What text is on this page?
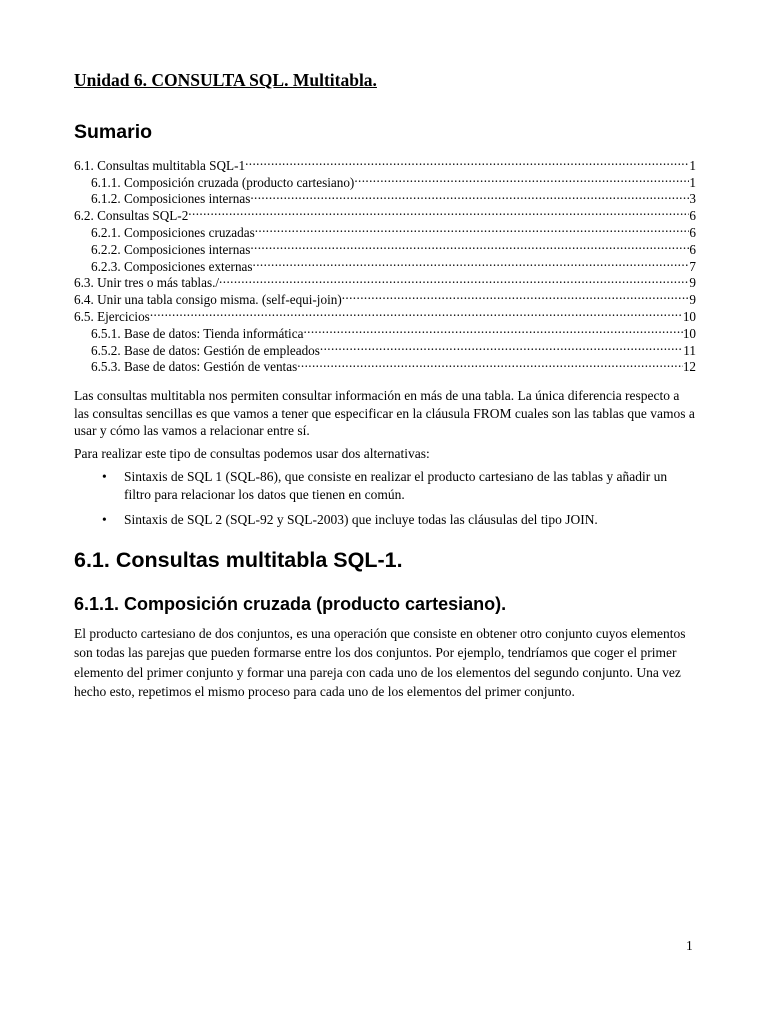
Unidad 6. CONSULTA SQL. Multitabla.
Sumario
6.1. Consultas multitabla SQL-1 .....	1
6.1.1. Composición cruzada (producto cartesiano) .....	1
6.1.2. Composiciones internas .....	3
6.2. Consultas SQL-2 .....	6
6.2.1. Composiciones cruzadas .....	6
6.2.2. Composiciones internas .....	6
6.2.3. Composiciones externas .....	7
6.3. Unir tres o más tablas./ .....	9
6.4. Unir una tabla consigo misma. (self-equi-join) .....	9
6.5. Ejercicios .....	10
6.5.1. Base de datos: Tienda informática .....	10
6.5.2. Base de datos: Gestión de empleados .....	11
6.5.3. Base de datos: Gestión de ventas .....	12

Las consultas multitabla nos permiten consultar información en más de una tabla. La única diferencia respecto a las consultas sencillas es que vamos a tener que especificar en la cláusula FROM cuales son las tablas que vamos a usar y cómo las vamos a relacionar entre sí.

Para realizar este tipo de consultas podemos usar dos alternativas:

• Sintaxis de SQL 1 (SQL-86), que consiste en realizar el producto cartesiano de las tablas y añadir un filtro para relacionar los datos que tienen en común.
• Sintaxis de SQL 2 (SQL-92 y SQL-2003) que incluye todas las cláusulas del tipo JOIN.
6.1. Consultas multitabla SQL-1.
6.1.1. Composición cruzada (producto cartesiano).

El producto cartesiano de dos conjuntos, es una operación que consiste en obtener otro conjunto cuyos elementos son todas las parejas que pueden formarse entre los dos conjuntos. Por ejemplo, tendríamos que coger el primer elemento del primer conjunto y formar una pareja con cada uno de los elementos del segundo conjunto. Una vez hecho esto, repetimos el mismo proceso para cada uno de los elementos del primer conjunto.

1
